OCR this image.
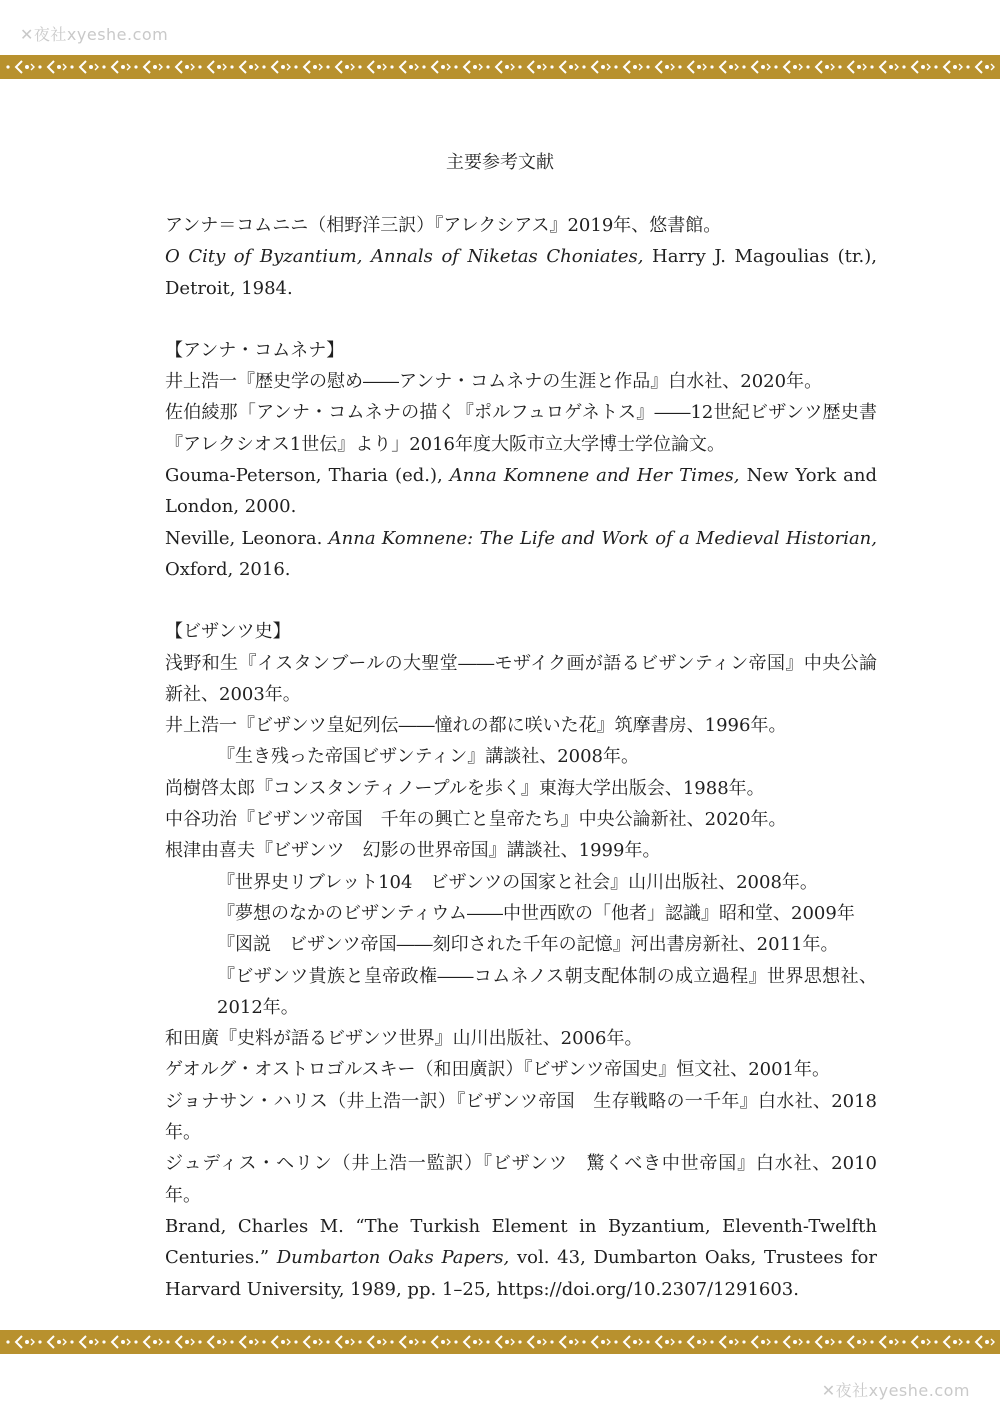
✕夜社xyeshe.com
主要参考文献
アンナ＝コムニニ（相野洋三訳）『アレクシアス』2019年、悠書館。
O City of Byzantium, Annals of Niketas Choniates, Harry J. Magoulias (tr.), Detroit, 1984.
【アンナ・コムネナ】
井上浩一『歴史学の慰め――アンナ・コムネナの生涯と作品』白水社、2020年。
佐伯綾那「アンナ・コムネナの描く『ポルフュロゲネトス』――12世紀ビザンツ歴史書『アレクシオス1世伝』より」2016年度大阪市立大学博士学位論文。
Gouma-Peterson, Tharia (ed.), Anna Komnene and Her Times, New York and London, 2000.
Neville, Leonora. Anna Komnene: The Life and Work of a Medieval Historian, Oxford, 2016.
【ビザンツ史】
浅野和生『イスタンブールの大聖堂――モザイク画が語るビザンティン帝国』中央公論新社、2003年。
井上浩一『ビザンツ皇妃列伝――憧れの都に咲いた花』筑摩書房、1996年。
『生き残った帝国ビザンティン』講談社、2008年。
尚樹啓太郎『コンスタンティノープルを歩く』東海大学出版会、1988年。
中谷功治『ビザンツ帝国　千年の興亡と皇帝たち』中央公論新社、2020年。
根津由喜夫『ビザンツ　幻影の世界帝国』講談社、1999年。
『世界史リブレット104　ビザンツの国家と社会』山川出版社、2008年。
『夢想のなかのビザンティウム――中世西欧の「他者」認識』昭和堂、2009年
『図説　ビザンツ帝国――刻印された千年の記憶』河出書房新社、2011年。
『ビザンツ貴族と皇帝政権――コムネノス朝支配体制の成立過程』世界思想社、2012年。
和田廣『史料が語るビザンツ世界』山川出版社、2006年。
ゲオルグ・オストロゴルスキー（和田廣訳）『ビザンツ帝国史』恒文社、2001年。
ジョナサン・ハリス（井上浩一訳）『ビザンツ帝国　生存戦略の一千年』白水社、2018年。
ジュディス・ヘリン（井上浩一監訳）『ビザンツ　驚くべき中世帝国』白水社、2010年。
Brand, Charles M. “The Turkish Element in Byzantium, Eleventh-Twelfth Centuries.” Dumbarton Oaks Papers, vol. 43, Dumbarton Oaks, Trustees for Harvard University, 1989, pp. 1–25, https://doi.org/10.2307/1291603.
✕夜社xyeshe.com
